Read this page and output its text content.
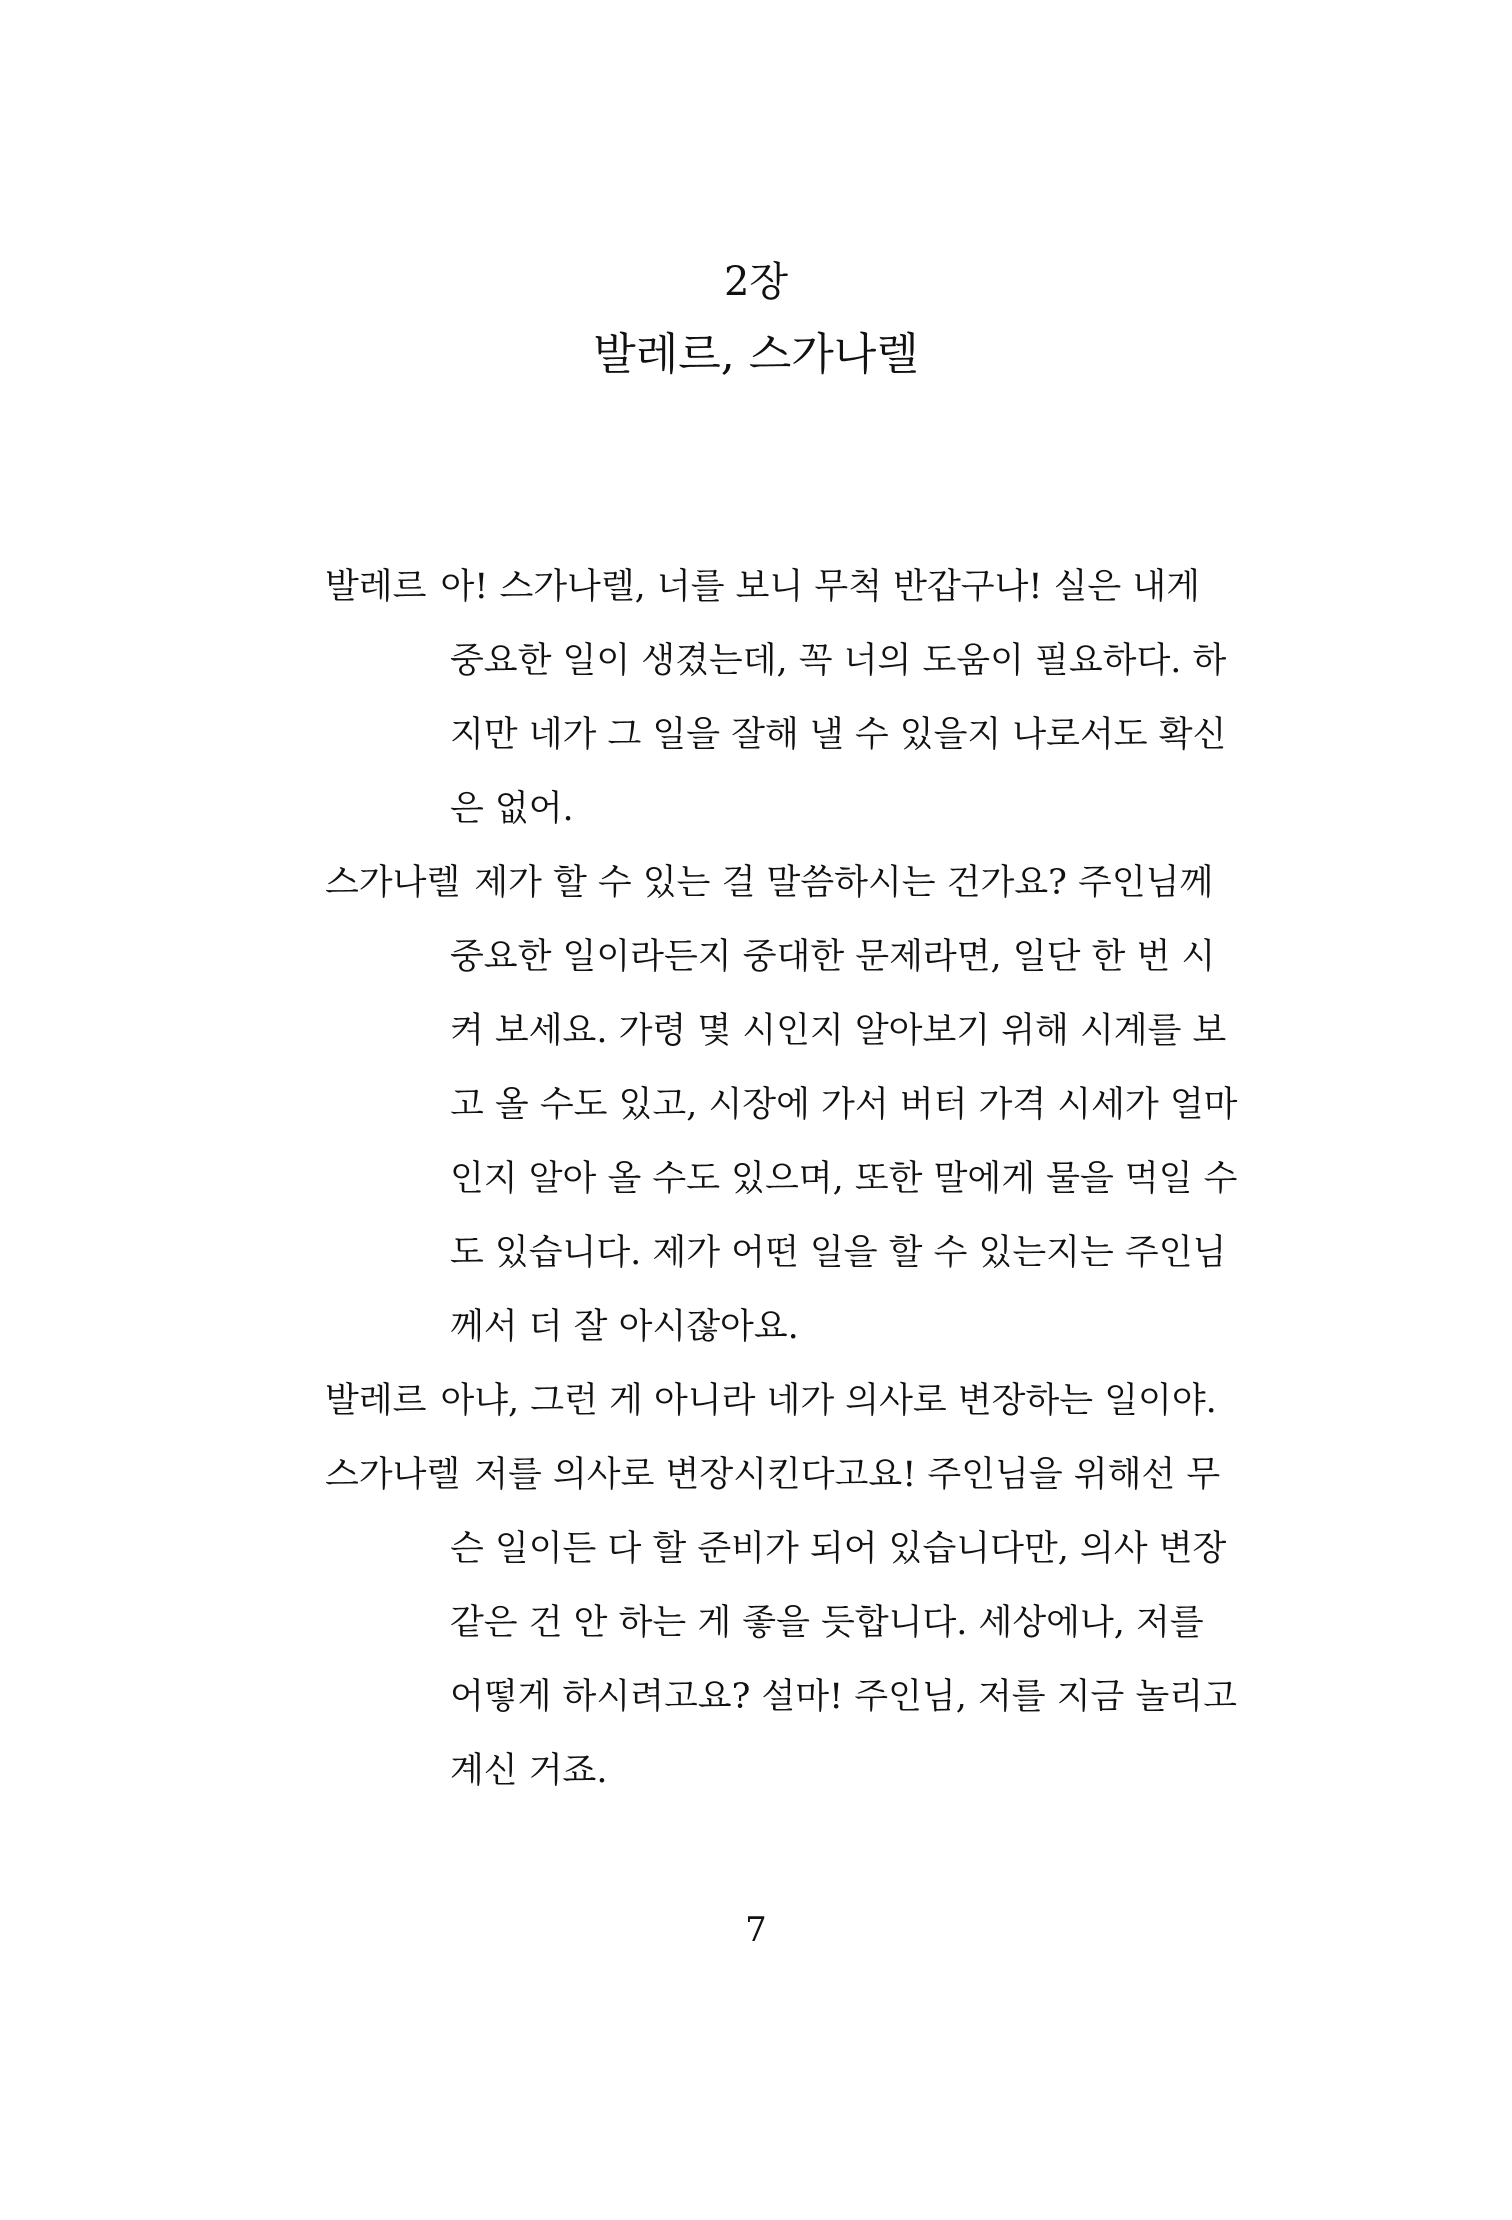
2장
발레르, 스가나렐
발레르 아! 스가나렐, 너를 보니 무척 반갑구나! 실은 내게
중요한 일이 생겼는데, 꼭 너의 도움이 필요하다. 하
지만 네가 그 일을 잘해 낼 수 있을지 나로서도 확신
은 없어.
스가나렐 제가 할 수 있는 걸 말씀하시는 건가요? 주인님께
중요한 일이라든지 중대한 문제라면, 일단 한 번 시
켜 보세요. 가령 몇 시인지 알아보기 위해 시계를 보
고 올 수도 있고, 시장에 가서 버터 가격 시세가 얼마
인지 알아 올 수도 있으며, 또한 말에게 물을 먹일 수
도 있습니다. 제가 어떤 일을 할 수 있는지는 주인님
께서 더 잘 아시잖아요.
발레르 아냐, 그런 게 아니라 네가 의사로 변장하는 일이야.
스가나렐 저를 의사로 변장시킨다고요! 주인님을 위해선 무
슨 일이든 다 할 준비가 되어 있습니다만, 의사 변장
같은 건 안 하는 게 좋을 듯합니다. 세상에나, 저를
어떻게 하시려고요? 설마! 주인님, 저를 지금 놀리고
계신 거죠.
7
